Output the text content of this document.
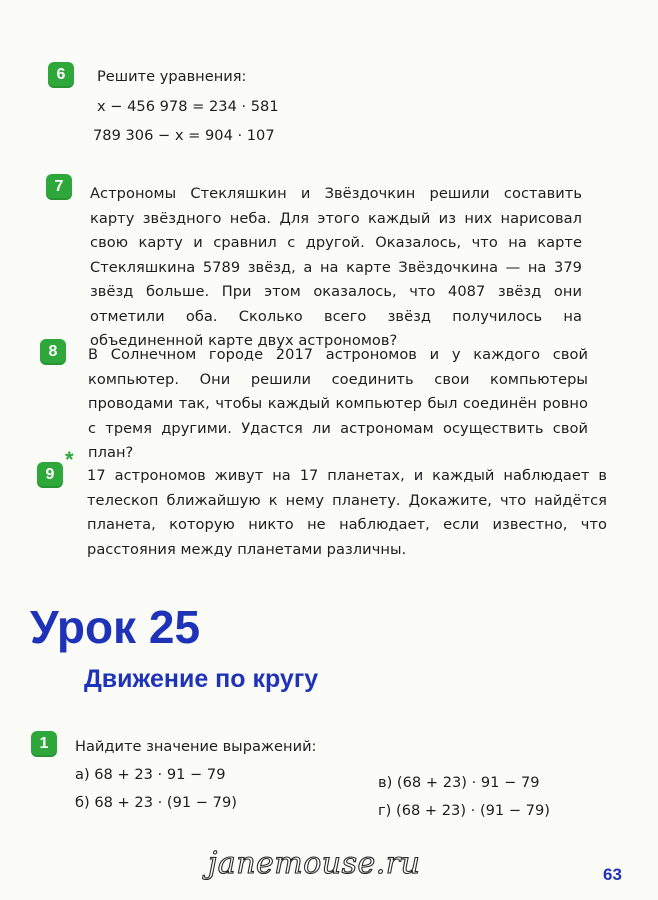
6	Решите уравнения:
x − 456 978 = 234 · 581
789 306 − x = 904 · 107
7	Астрономы Стекляшкин и Звёздочкин решили составить карту звёздного неба. Для этого каждый из них нарисовал свою карту и сравнил с другой. Оказалось, что на карте Стекляшкина 5789 звёзд, а на карте Звёздочкина — на 379 звёзд больше. При этом оказалось, что 4087 звёзд они отметили оба. Сколько всего звёзд получилось на объединенной карте двух астрономов?
8	В Солнечном городе 2017 астрономов и у каждого свой компьютер. Они решили соединить свои компьютеры проводами так, чтобы каждый компьютер был соединён ровно с тремя другими. Удастся ли астрономам осуществить свой план?
9
*
17 астрономов живут на 17 планетах, и каждый наблюдает в телескоп ближайшую к нему планету. Докажите, что найдётся планета, которую никто не наблюдает, если известно, что расстояния между планетами различны.
Урок 25
Движение по кругу
1	Найдите значение выражений:
а) 68 + 23 · 91 − 79
б) 68 + 23 · (91 − 79)
в) (68 + 23) · 91 − 79
г) (68 + 23) · (91 − 79)
janemouse.ru	63
